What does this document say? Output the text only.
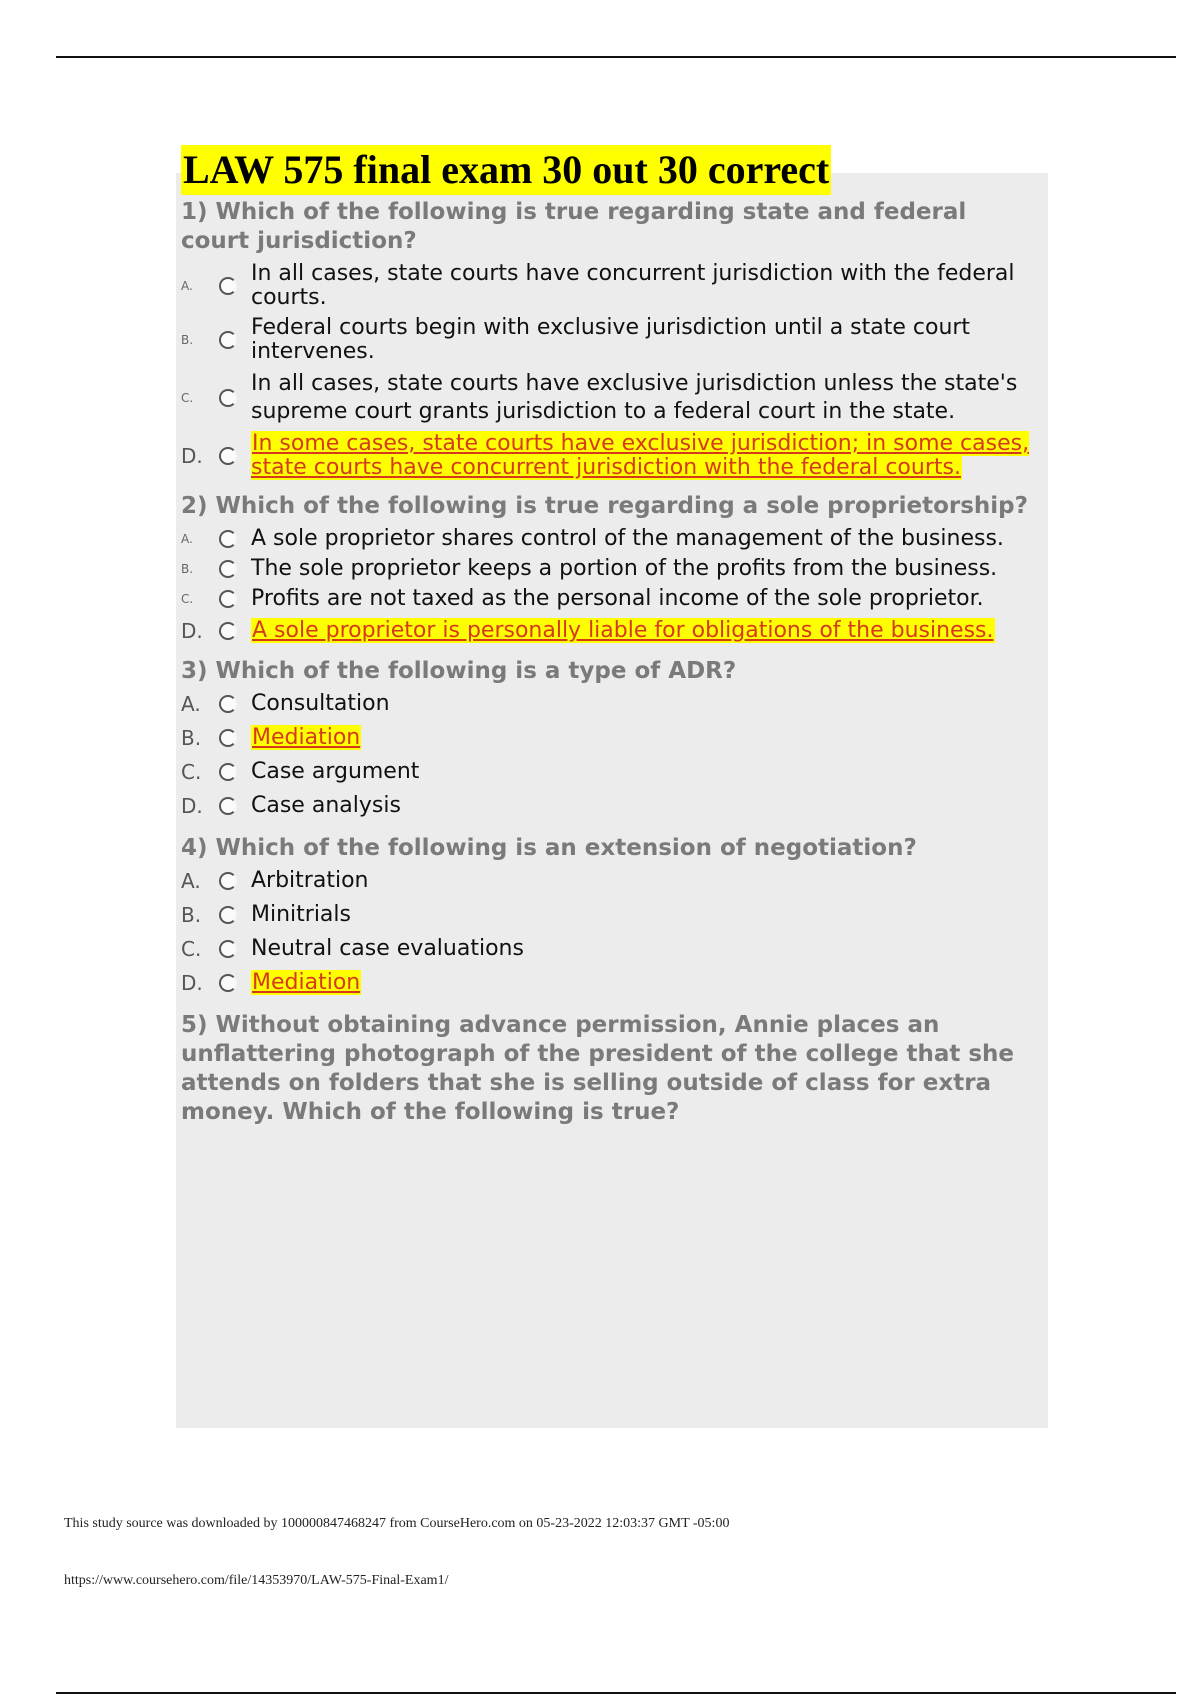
LAW 575 final exam 30 out 30 correct

1) Which of the following is true regarding state and federal court jurisdiction?

A.	In all cases, state courts have concurrent jurisdiction with the federal courts.
B.	Federal courts begin with exclusive jurisdiction until a state court intervenes.
C.
In all cases, state courts have exclusive jurisdiction unless the state's supreme court grants jurisdiction to a federal court in the state.
D.	In some cases, state courts have exclusive jurisdiction; in some cases, state courts have concurrent jurisdiction with the federal courts.

2) Which of the following is true regarding a sole proprietorship?

A.	A sole proprietor shares control of the management of the business.
B.	The sole proprietor keeps a portion of the profits from the business.
C.	Profits are not taxed as the personal income of the sole proprietor.
D.	A sole proprietor is personally liable for obligations of the business.

3) Which of the following is a type of ADR?

A.	Consultation
B.	Mediation
C.	Case argument
D.	Case analysis

4) Which of the following is an extension of negotiation?

A.	Arbitration
B.	Minitrials
C.	Neutral case evaluations
D.	Mediation

5) Without obtaining advance permission, Annie places an unflattering photograph of the president of the college that she attends on folders that she is selling outside of class for extra money. Which of the following is true?

This study source was downloaded by 100000847468247 from CourseHero.com on 05-23-2022 12:03:37 GMT -05:00
https://www.coursehero.com/file/14353970/LAW-575-Final-Exam1/
